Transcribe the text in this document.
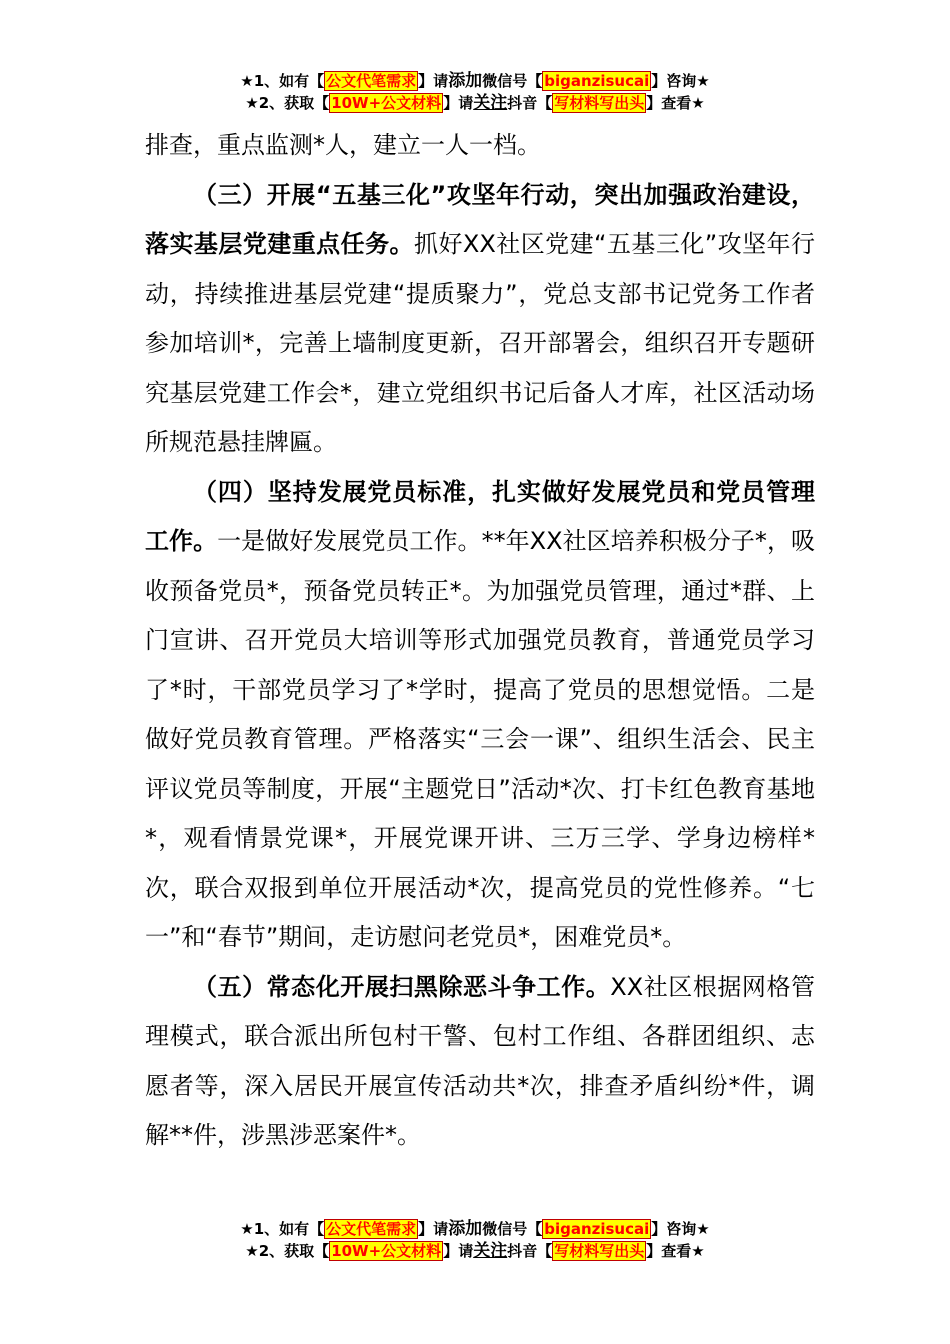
★1、如有【 公文代笔需求 】请添加微信号【 biganzisucai 】咨询★
★2、获取【 10W+公文材料 】请关注抖音【 写材料写出头 】查看★

排查，重点监测*人，建立一人一档。

（三）开展“五基三化”攻坚年行动，突出加强政治建设，落实基层党建重点任务。抓好XX社区党建“五基三化”攻坚年行动，持续推进基层党建“提质聚力”，党总支部书记党务工作者参加培训*，完善上墙制度更新，召开部署会，组织召开专题研究基层党建工作会*，建立党组织书记后备人才库，社区活动场所规范悬挂牌匾。

（四）坚持发展党员标准，扎实做好发展党员和党员管理工作。一是做好发展党员工作。**年XX社区培养积极分子*，吸收预备党员*，预备党员转正*。为加强党员管理，通过*群、上门宣讲、召开党员大培训等形式加强党员教育，普通党员学习了*时，干部党员学习了*学时，提高了党员的思想觉悟。二是做好党员教育管理。严格落实“三会一课”、组织生活会、民主评议党员等制度，开展“主题党日”活动*次、打卡红色教育基地*，观看情景党课*，开展党课开讲、三万三学、学身边榜样*次，联合双报到单位开展活动*次，提高党员的党性修养。“七一”和“春节”期间，走访慰问老党员*，困难党员*。

（五）常态化开展扫黑除恶斗争工作。XX社区根据网格管理模式，联合派出所包村干警、包村工作组、各群团组织、志愿者等，深入居民开展宣传活动共*次，排查矛盾纠纷*件，调解**件，涉黑涉恶案件*。

★1、如有【 公文代笔需求 】请添加微信号【 biganzisucai 】咨询★
★2、获取【 10W+公文材料 】请关注抖音【 写材料写出头 】查看★
